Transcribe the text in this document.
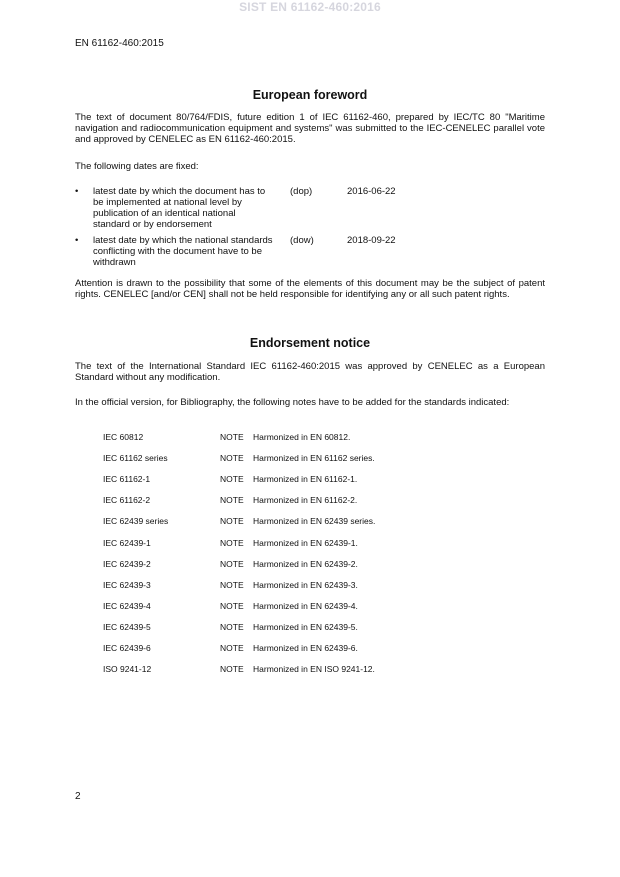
SIST EN 61162-460:2016
EN 61162-460:2015
European foreword

The text of document 80/764/FDIS, future edition 1 of IEC 61162-460, prepared by IEC/TC 80 "Maritime navigation and radiocommunication equipment and systems" was submitted to the IEC-CENELEC parallel vote and approved by CENELEC as EN 61162-460:2015.

The following dates are fixed:

• latest date by which the document has to be implemented at national level by publication of an identical national standard or by endorsement
(dop)	2016-06-22
• latest date by which the national standards conflicting with the document have to be withdrawn
(dow)	2018-09-22

Attention is drawn to the possibility that some of the elements of this document may be the subject of patent rights. CENELEC [and/or CEN] shall not be held responsible for identifying any or all such patent rights.

Endorsement notice

The text of the International Standard IEC 61162-460:2015 was approved by CENELEC as a European Standard without any modification.

In the official version, for Bibliography, the following notes have to be added for the standards indicated:

IEC 60812	NOTE Harmonized in EN 60812.
IEC 61162 series	NOTE Harmonized in EN 61162 series.
IEC 61162-1	NOTE Harmonized in EN 61162-1.
IEC 61162-2	NOTE Harmonized in EN 61162-2.
IEC 62439 series	NOTE Harmonized in EN 62439 series.
IEC 62439-1	NOTE Harmonized in EN 62439-1.
IEC 62439-2	NOTE Harmonized in EN 62439-2.
IEC 62439-3	NOTE Harmonized in EN 62439-3.
IEC 62439-4	NOTE Harmonized in EN 62439-4.
IEC 62439-5	NOTE Harmonized in EN 62439-5.
IEC 62439-6	NOTE Harmonized in EN 62439-6.
ISO 9241-12	NOTE Harmonized in EN ISO 9241-12.
2
